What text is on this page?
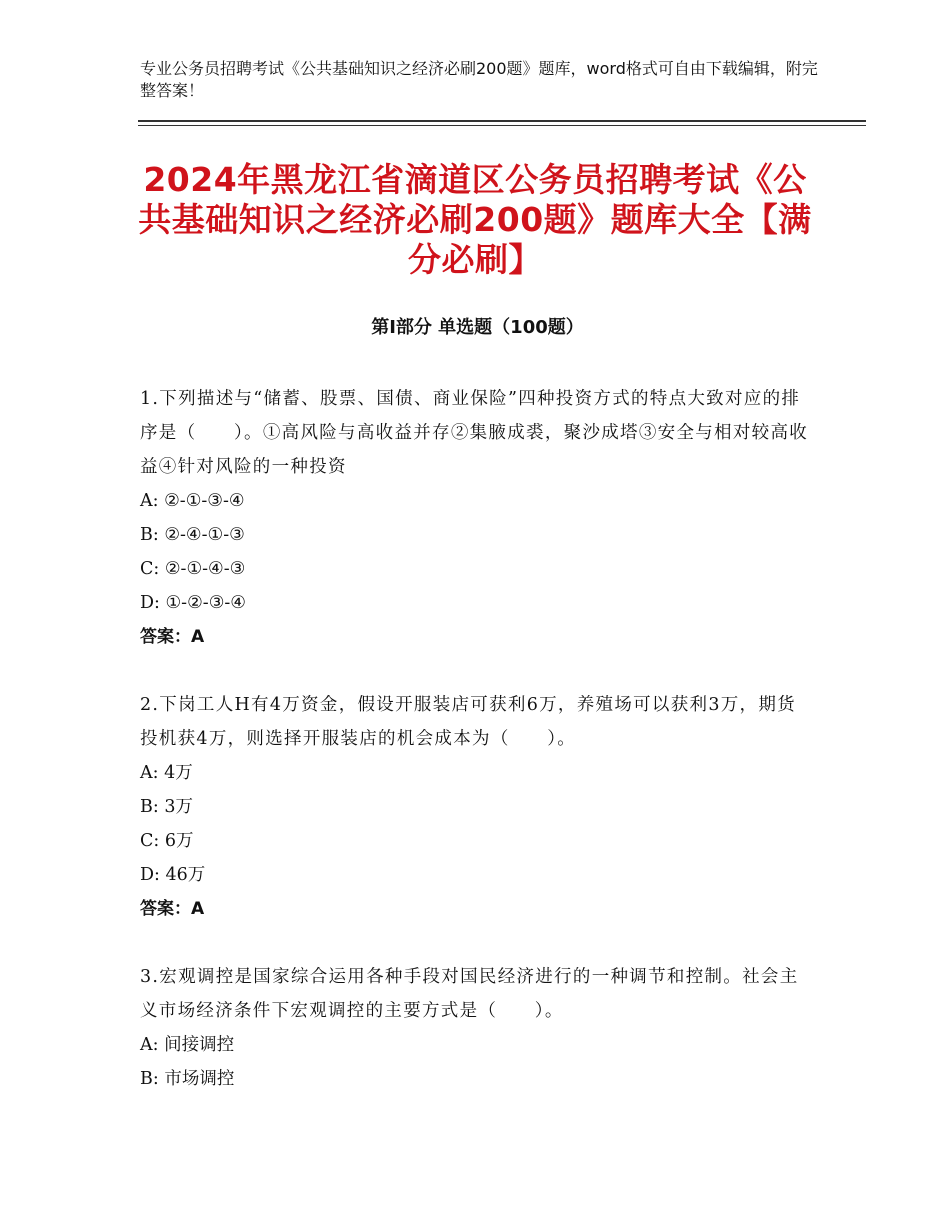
专业公务员招聘考试《公共基础知识之经济必刷200题》题库，word格式可自由下载编辑，附完整答案！
2024年黑龙江省滴道区公务员招聘考试《公共基础知识之经济必刷200题》题库大全【满分必刷】
第I部分 单选题（100题）
1.下列描述与“储蓄、股票、国债、商业保险”四种投资方式的特点大致对应的排序是（　　）。①高风险与高收益并存②集腋成裘，聚沙成塔③安全与相对较高收益④针对风险的一种投资
A: ②-①-③-④
B: ②-④-①-③
C: ②-①-④-③
D: ①-②-③-④
答案：A
2.下岗工人H有4万资金，假设开服装店可获利6万，养殖场可以获利3万，期货投机获4万，则选择开服装店的机会成本为（　　）。
A: 4万
B: 3万
C: 6万
D: 46万
答案：A
3.宏观调控是国家综合运用各种手段对国民经济进行的一种调节和控制。社会主义市场经济条件下宏观调控的主要方式是（　　）。
A: 间接调控
B: 市场调控
